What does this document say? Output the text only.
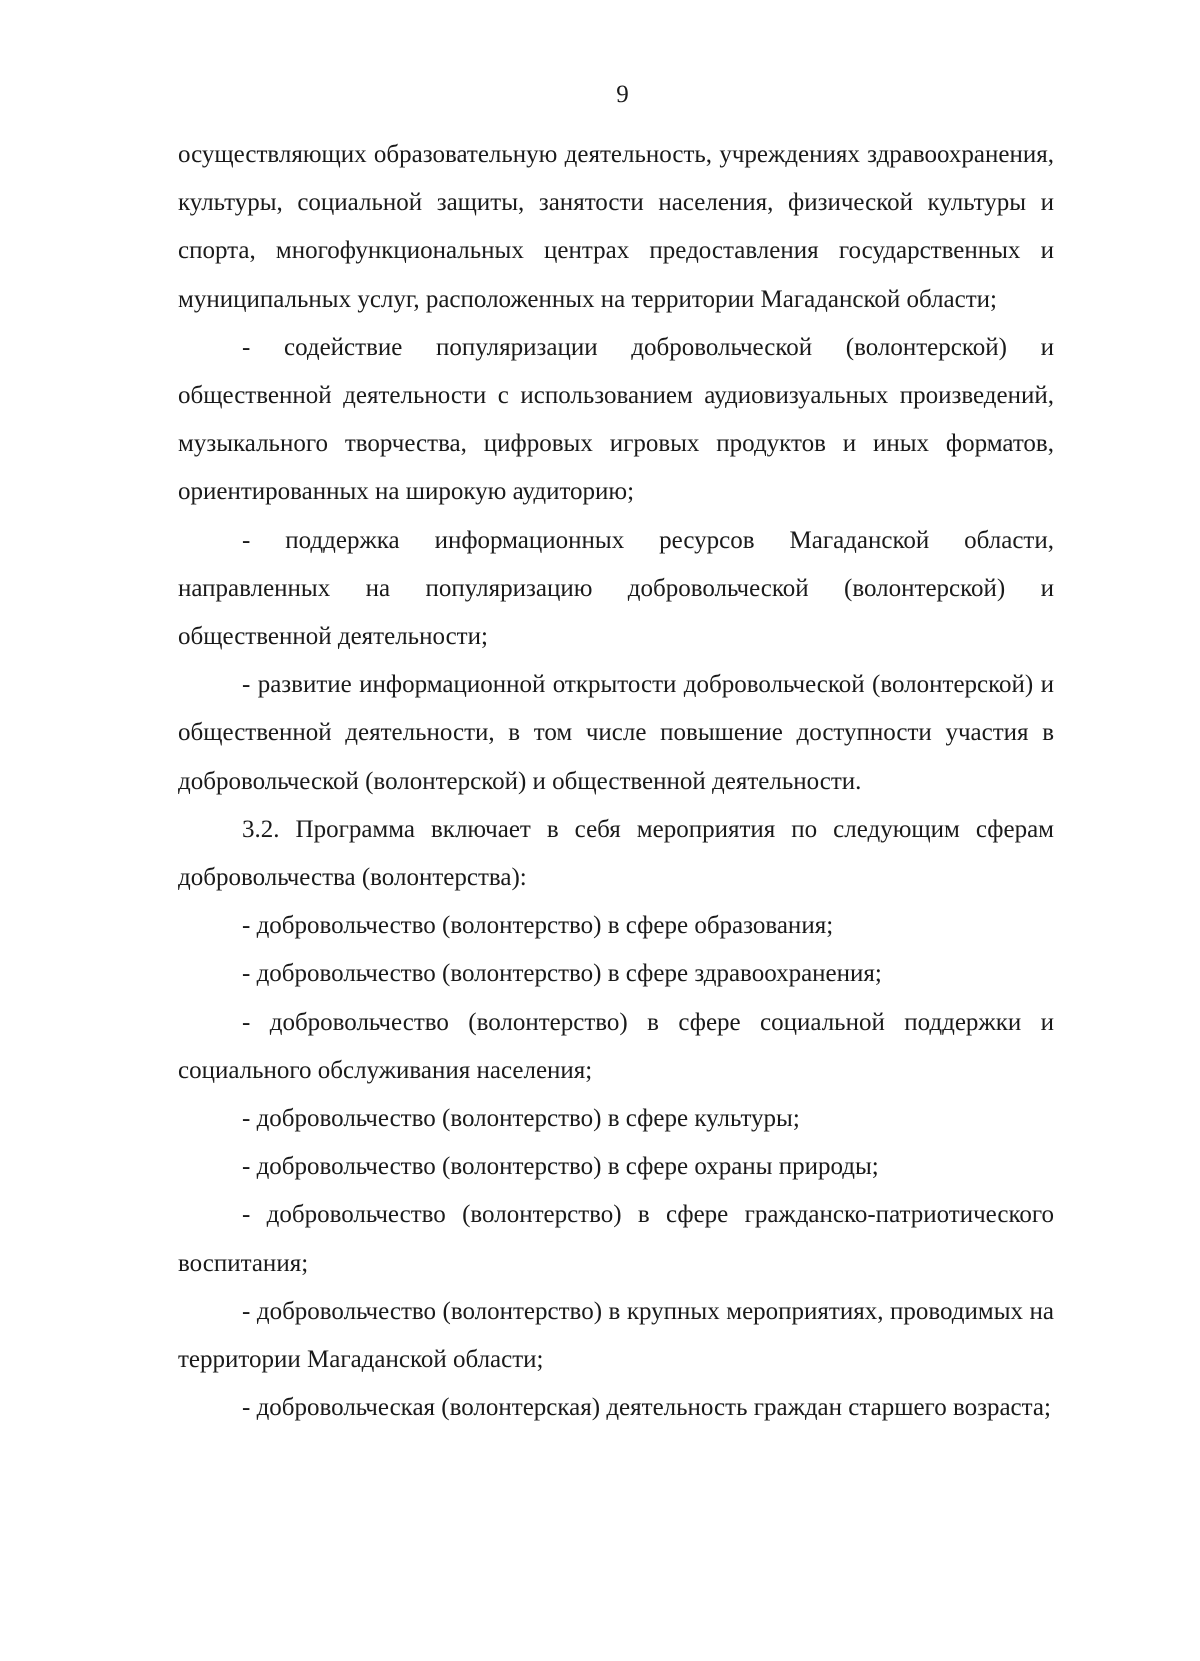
9

осуществляющих образовательную деятельность, учреждениях здравоохранения, культуры, социальной защиты, занятости населения, физической культуры и спорта, многофункциональных центрах предоставления государственных и муниципальных услуг, расположенных на территории Магаданской области;

- содействие популяризации добровольческой (волонтерской) и общественной деятельности с использованием аудиовизуальных произведений, музыкального творчества, цифровых игровых продуктов и иных форматов, ориентированных на широкую аудиторию;

- поддержка информационных ресурсов Магаданской области, направленных на популяризацию добровольческой (волонтерской) и общественной деятельности;

- развитие информационной открытости добровольческой (волонтерской) и общественной деятельности, в том числе повышение доступности участия в добровольческой (волонтерской) и общественной деятельности.

3.2. Программа включает в себя мероприятия по следующим сферам добровольчества (волонтерства):

- добровольчество (волонтерство) в сфере образования;

- добровольчество (волонтерство) в сфере здравоохранения;

- добровольчество (волонтерство) в сфере социальной поддержки и социального обслуживания населения;

- добровольчество (волонтерство) в сфере культуры;

- добровольчество (волонтерство) в сфере охраны природы;

- добровольчество (волонтерство) в сфере гражданско-патриотического воспитания;

- добровольчество (волонтерство) в крупных мероприятиях, проводимых на территории Магаданской области;

- добровольческая (волонтерская) деятельность граждан старшего возраста;
